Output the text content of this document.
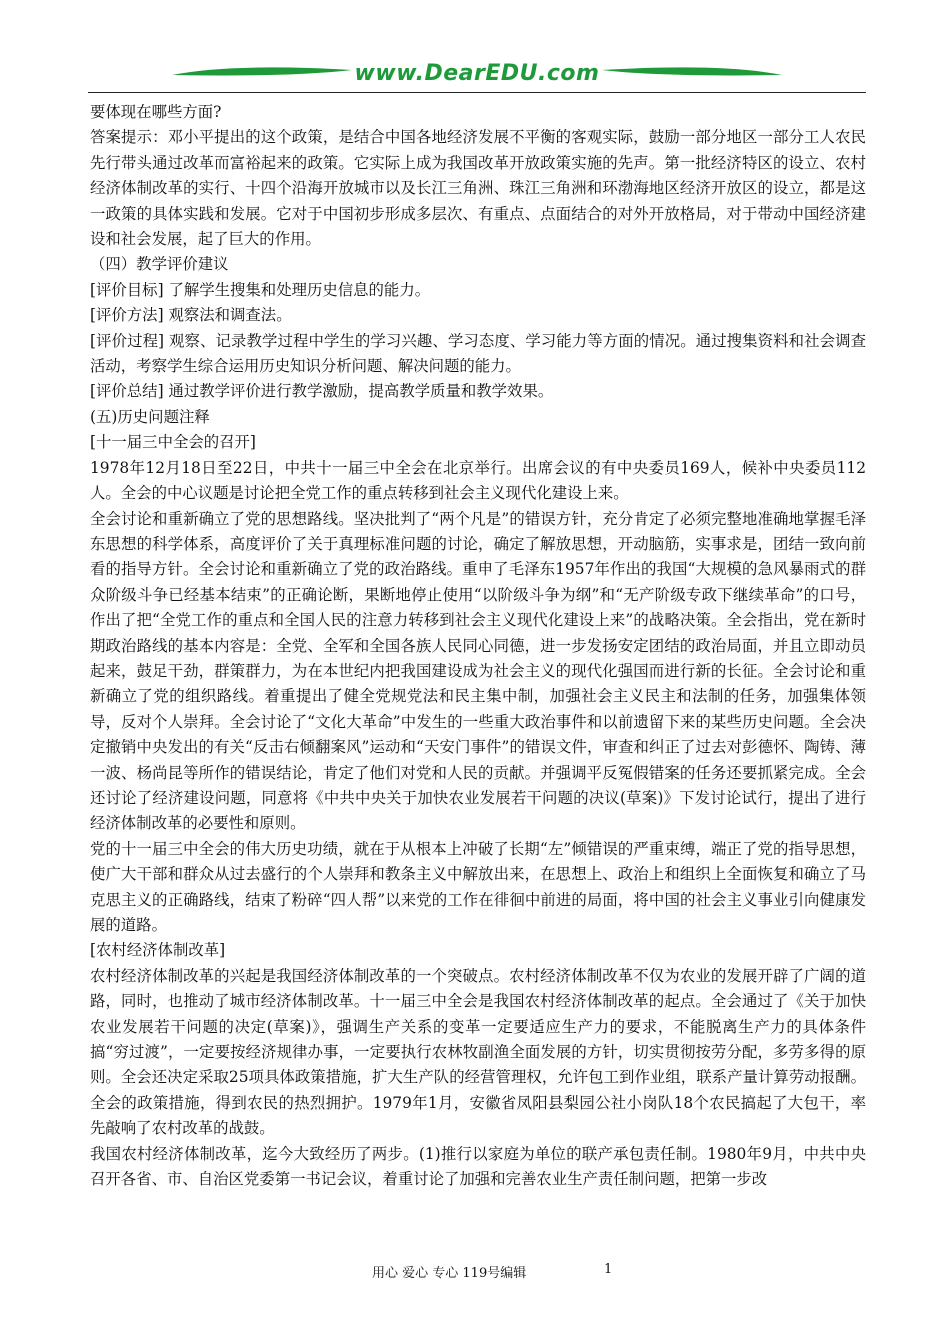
www.DearEDU.com

要体现在哪些方面?

答案提示：邓小平提出的这个政策，是结合中国各地经济发展不平衡的客观实际，鼓励一部分地区一部分工人农民先行带头通过改革而富裕起来的政策。它实际上成为我国改革开放政策实施的先声。第一批经济特区的设立、农村经济体制改革的实行、十四个沿海开放城市以及长江三角洲、珠江三角洲和环渤海地区经济开放区的设立，都是这一政策的具体实践和发展。它对于中国初步形成多层次、有重点、点面结合的对外开放格局，对于带动中国经济建设和社会发展，起了巨大的作用。

（四）教学评价建议

[评价目标] 了解学生搜集和处理历史信息的能力。

[评价方法] 观察法和调查法。

[评价过程] 观察、记录教学过程中学生的学习兴趣、学习态度、学习能力等方面的情况。通过搜集资料和社会调查活动，考察学生综合运用历史知识分析问题、解决问题的能力。

[评价总结] 通过教学评价进行教学激励，提高教学质量和教学效果。

(五)历史问题注释

[十一届三中全会的召开]

1978年12月18日至22日，中共十一届三中全会在北京举行。出席会议的有中央委员169人，候补中央委员112人。全会的中心议题是讨论把全党工作的重点转移到社会主义现代化建设上来。

全会讨论和重新确立了党的思想路线。坚决批判了“两个凡是”的错误方针，充分肯定了必须完整地准确地掌握毛泽东思想的科学体系，高度评价了关于真理标准问题的讨论，确定了解放思想，开动脑筋，实事求是，团结一致向前看的指导方针。全会讨论和重新确立了党的政治路线。重申了毛泽东1957年作出的我国“大规模的急风暴雨式的群众阶级斗争已经基本结束”的正确论断，果断地停止使用“以阶级斗争为纲”和“无产阶级专政下继续革命”的口号，作出了把“全党工作的重点和全国人民的注意力转移到社会主义现代化建设上来”的战略决策。全会指出，党在新时期政治路线的基本内容是：全党、全军和全国各族人民同心同德，进一步发扬安定团结的政治局面，并且立即动员起来，鼓足干劲，群策群力，为在本世纪内把我国建设成为社会主义的现代化强国而进行新的长征。全会讨论和重新确立了党的组织路线。着重提出了健全党规党法和民主集中制，加强社会主义民主和法制的任务，加强集体领导，反对个人崇拜。全会讨论了“文化大革命”中发生的一些重大政治事件和以前遗留下来的某些历史问题。全会决定撤销中央发出的有关“反击右倾翻案风”运动和“天安门事件”的错误文件，审查和纠正了过去对彭德怀、陶铸、薄一波、杨尚昆等所作的错误结论，肯定了他们对党和人民的贡献。并强调平反冤假错案的任务还要抓紧完成。全会还讨论了经济建设问题，同意将《中共中央关于加快农业发展若干问题的决议(草案)》下发讨论试行，提出了进行经济体制改革的必要性和原则。

党的十一届三中全会的伟大历史功绩，就在于从根本上冲破了长期“左”倾错误的严重束缚，端正了党的指导思想，使广大干部和群众从过去盛行的个人崇拜和教条主义中解放出来，在思想上、政治上和组织上全面恢复和确立了马克思主义的正确路线，结束了粉碎“四人帮”以来党的工作在徘徊中前进的局面，将中国的社会主义事业引向健康发展的道路。

[农村经济体制改革]

农村经济体制改革的兴起是我国经济体制改革的一个突破点。农村经济体制改革不仅为农业的发展开辟了广阔的道路，同时，也推动了城市经济体制改革。十一届三中全会是我国农村经济体制改革的起点。全会通过了《关于加快农业发展若干问题的决定(草案)》，强调生产关系的变革一定要适应生产力的要求，不能脱离生产力的具体条件搞“穷过渡”，一定要按经济规律办事，一定要执行农林牧副渔全面发展的方针，切实贯彻按劳分配，多劳多得的原则。全会还决定采取25项具体政策措施，扩大生产队的经营管理权，允许包工到作业组，联系产量计算劳动报酬。全会的政策措施，得到农民的热烈拥护。1979年1月，安徽省凤阳县梨园公社小岗队18个农民搞起了大包干，率先敲响了农村改革的战鼓。

我国农村经济体制改革，迄今大致经历了两步。(1)推行以家庭为单位的联产承包责任制。1980年9月，中共中央召开各省、市、自治区党委第一书记会议，着重讨论了加强和完善农业生产责任制问题，把第一步改

用心 爱心 专心 119号编辑	1
